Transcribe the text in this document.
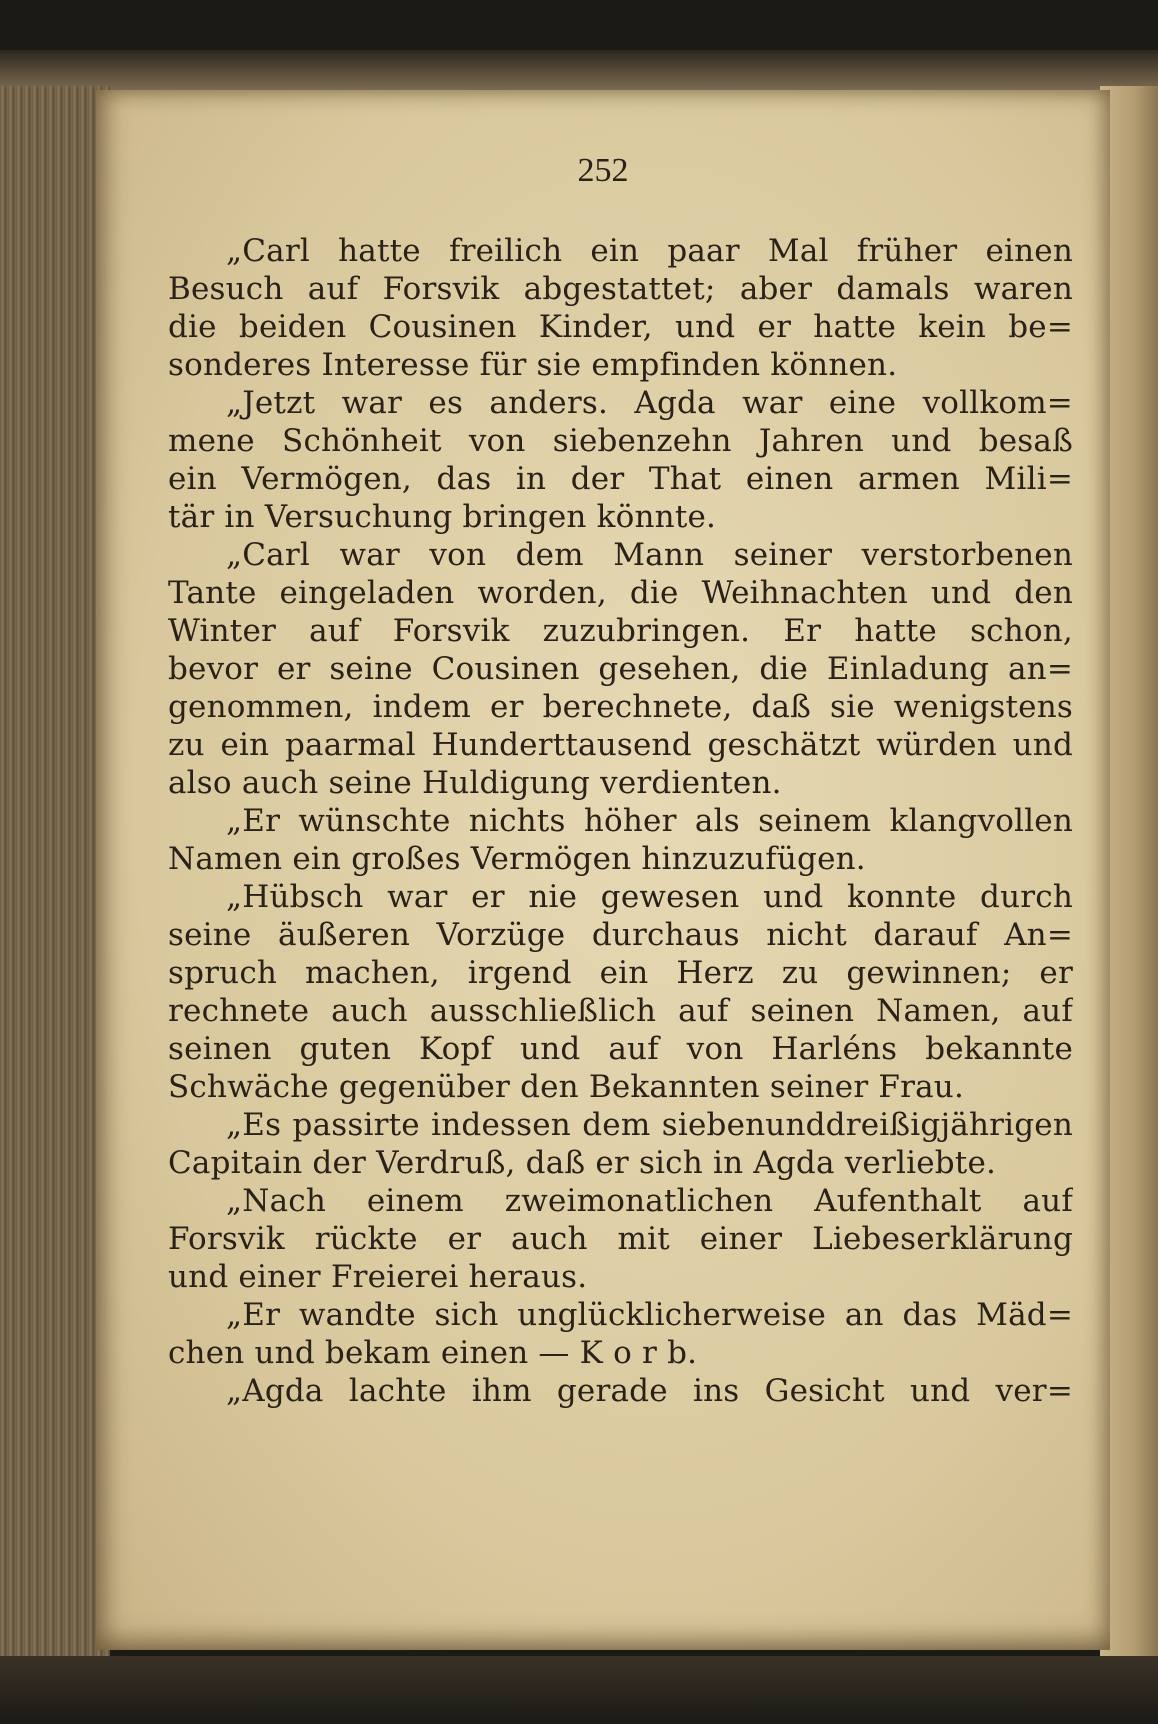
252
„Carl hatte freilich ein paar Mal früher einen
Besuch auf Forsvik abgestattet; aber damals waren
die beiden Cousinen Kinder, und er hatte kein be=
sonderes Interesse für sie empfinden können.
„Jetzt war es anders. Agda war eine vollkom=
mene Schönheit von siebenzehn Jahren und besaß
ein Vermögen, das in der That einen armen Mili=
tär in Versuchung bringen könnte.
„Carl war von dem Mann seiner verstorbenen
Tante eingeladen worden, die Weihnachten und den
Winter auf Forsvik zuzubringen. Er hatte schon,
bevor er seine Cousinen gesehen, die Einladung an=
genommen, indem er berechnete, daß sie wenigstens
zu ein paarmal Hunderttausend geschätzt würden und
also auch seine Huldigung verdienten.
„Er wünschte nichts höher als seinem klangvollen
Namen ein großes Vermögen hinzuzufügen.
„Hübsch war er nie gewesen und konnte durch
seine äußeren Vorzüge durchaus nicht darauf An=
spruch machen, irgend ein Herz zu gewinnen; er
rechnete auch ausschließlich auf seinen Namen, auf
seinen guten Kopf und auf von Harléns bekannte
Schwäche gegenüber den Bekannten seiner Frau.
„Es passirte indessen dem siebenunddreißigjährigen
Capitain der Verdruß, daß er sich in Agda verliebte.
„Nach einem zweimonatlichen Aufenthalt auf
Forsvik rückte er auch mit einer Liebeserklärung
und einer Freierei heraus.
„Er wandte sich unglücklicherweise an das Mäd=
chen und bekam einen — K o r b.
„Agda lachte ihm gerade ins Gesicht und ver=
